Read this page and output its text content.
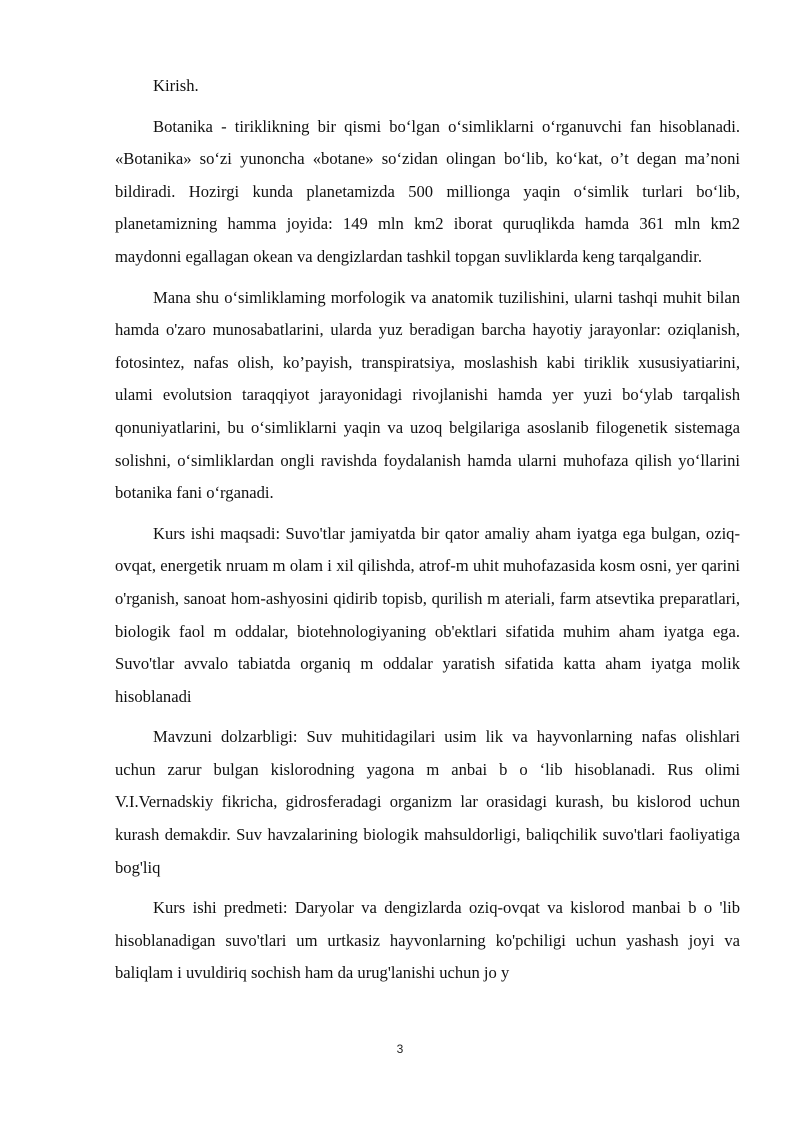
Kirish.

Botanika - tiriklikning bir qismi bo‘lgan o‘simliklarni o‘rganuvchi fan hisoblanadi. «Botanika» so‘zi yunoncha «botane» so‘zidan olingan bo‘lib, ko‘kat, o’t degan ma’noni bildiradi. Hozirgi kunda planetamizda 500 millionga yaqin o‘simlik turlari bo‘lib, planetamizning hamma joyida: 149 mln km2 iborat quruqlikda hamda 361 mln km2 maydonni egallagan okean va dengizlardan tashkil topgan suvliklarda keng tarqalgandir.

Mana shu o‘simliklaming morfologik va anatomik tuzilishini, ularni tashqi muhit bilan hamda o'zaro munosabatlarini, ularda yuz beradigan barcha hayotiy jarayonlar: oziqlanish, fotosintez, nafas olish, ko’payish, transpiratsiya, moslashish kabi tiriklik xususiyatiarini, ulami evolutsion taraqqiyot jarayonidagi rivojlanishi hamda yer yuzi bo‘ylab tarqalish qonuniyatlarini, bu o‘simliklarni yaqin va uzoq belgilariga asoslanib filogenetik sistemaga solishni, o‘simliklardan ongli ravishda foydalanish hamda ularni muhofaza qilish yo‘llarini botanika fani o‘rganadi.

Kurs ishi maqsadi: Suvo'tlar jamiyatda bir qator amaliy aham iyatga ega bulgan, oziq-ovqat, energetik nruam m olam i xil qilishda, atrof-m uhit muhofazasida kosm osni, yer qarini o'rganish, sanoat hom-ashyosini qidirib topisb, qurilish m ateriali, farm atsevtika preparatlari, biologik faol m oddalar, biotehnologiyaning ob'ektlari sifatida muhim aham iyatga ega. Suvo'tlar avvalo tabiatda organiq m oddalar yaratish sifatida katta aham iyatga molik hisoblanadi

Mavzuni dolzarbligi: Suv muhitidagilari usim lik va hayvonlarning nafas olishlari uchun zarur bulgan kislorodning yagona m anbai b o ‘lib hisoblanadi. Rus olimi V.I.Vernadskiy fikricha, gidrosferadagi organizm lar orasidagi kurash, bu kislorod uchun kurash demakdir. Suv havzalarining biologik mahsuldorligi, baliqchilik suvo'tlari faoliyatiga bog'liq

Kurs ishi predmeti: Daryolar va dengizlarda oziq-ovqat va kislorod manbai b o 'lib hisoblanadigan suvo'tlari um urtkasiz hayvonlarning ko'pchiligi uchun yashash joyi va baliqlam i uvuldiriq sochish ham da urug'lanishi uchun jo y

3
